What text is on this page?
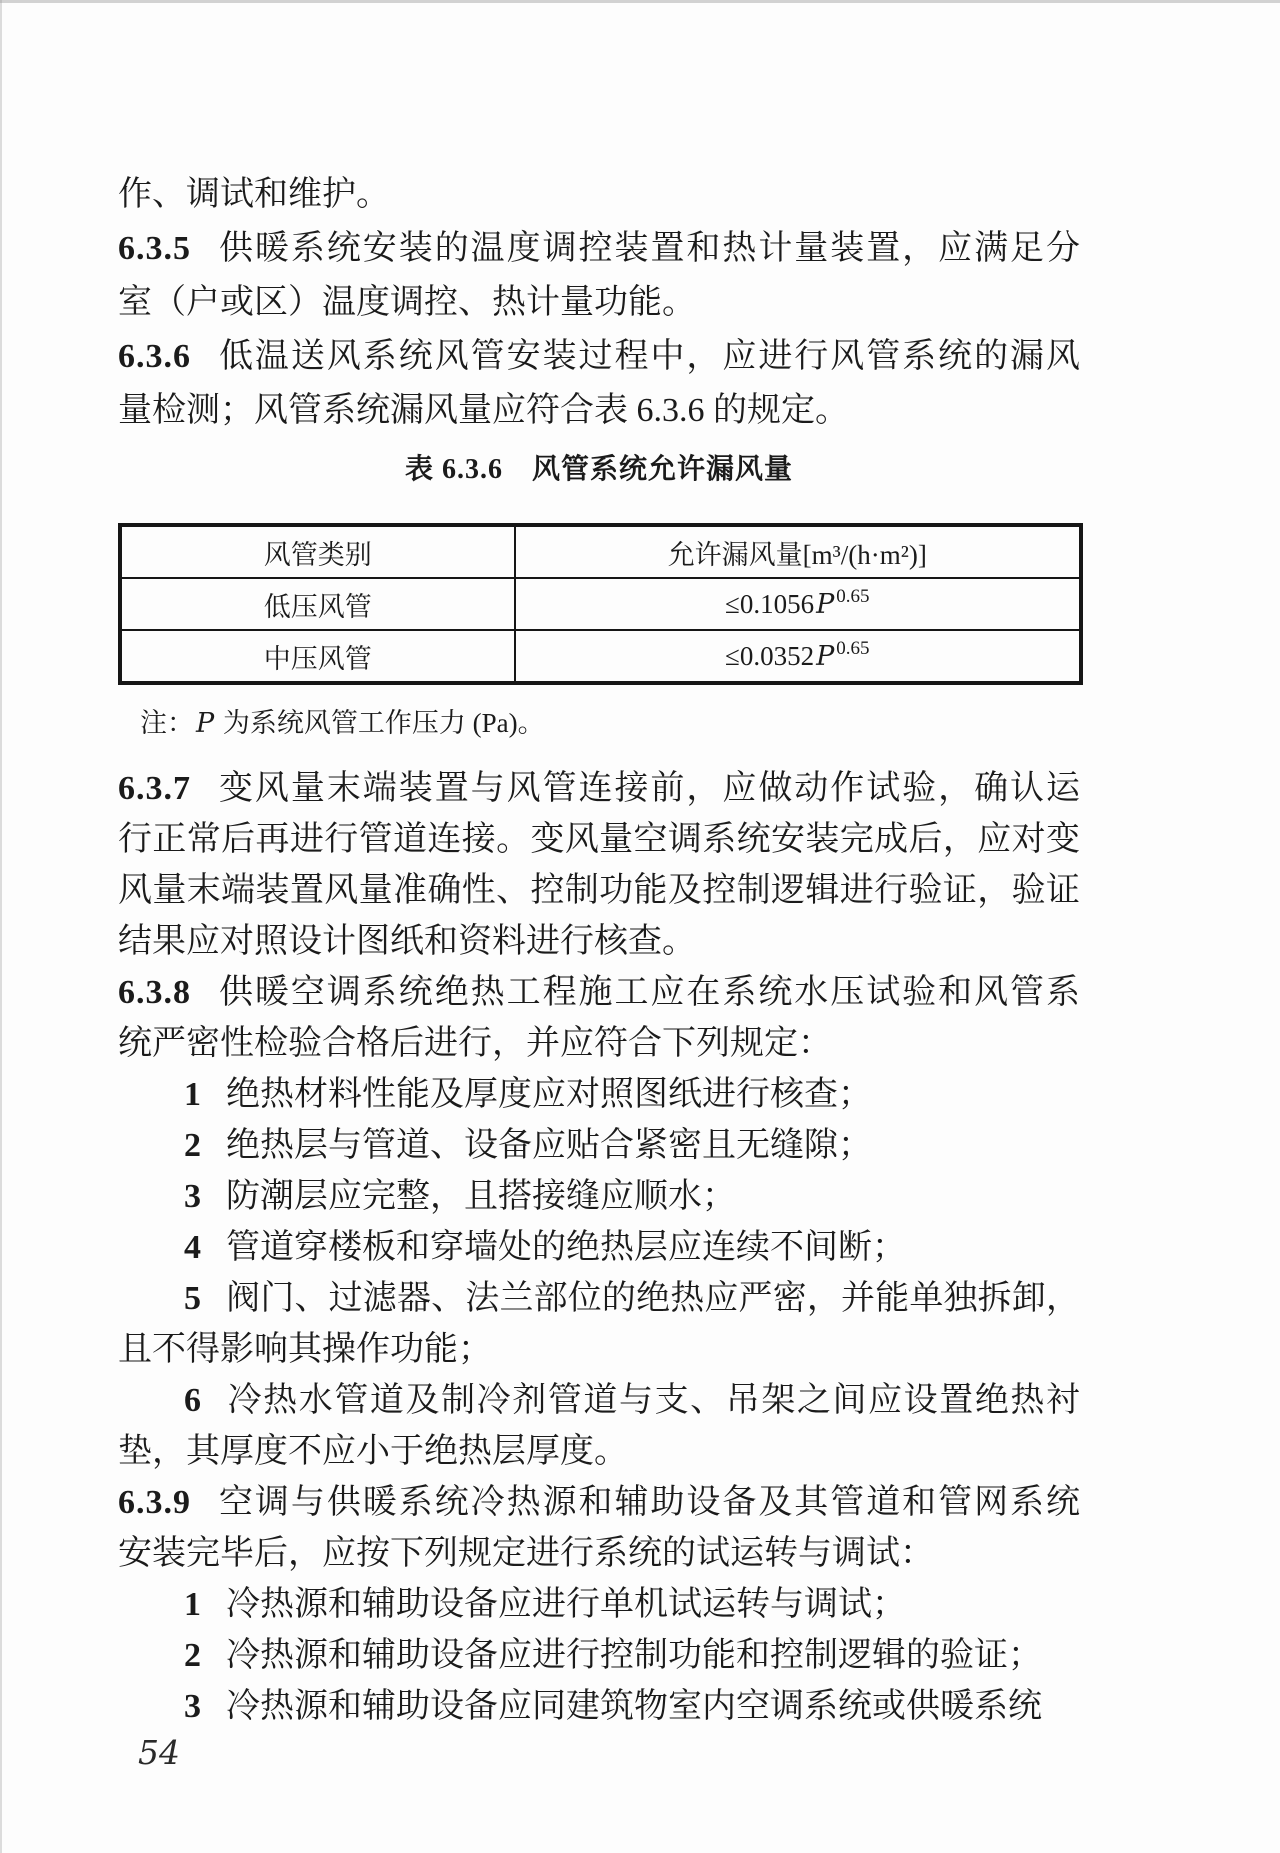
作、调试和维护。
6.3.5 供暖系统安装的温度调控装置和热计量装置，应满足分
室（户或区）温度调控、热计量功能。
6.3.6 低温送风系统风管安装过程中，应进行风管系统的漏风
量检测；风管系统漏风量应符合表 6.3.6 的规定。
表 6.3.6　风管系统允许漏风量
风管类别	允许漏风量[m³/(h·m²)]
低压风管	≤0.1056P $^{0.65}$
中压风管	≤0.0352P $^{0.65}$
注：P 为系统风管工作压力 (Pa)。
6.3.7 变风量末端装置与风管连接前，应做动作试验，确认运
行正常后再进行管道连接。变风量空调系统安装完成后，应对变
风量末端装置风量准确性、控制功能及控制逻辑进行验证，验证
结果应对照设计图纸和资料进行核查。
6.3.8 供暖空调系统绝热工程施工应在系统水压试验和风管系
统严密性检验合格后进行，并应符合下列规定：
1 绝热材料性能及厚度应对照图纸进行核查；
2 绝热层与管道、设备应贴合紧密且无缝隙；
3 防潮层应完整，且搭接缝应顺水；
4 管道穿楼板和穿墙处的绝热层应连续不间断；
5 阀门、过滤器、法兰部位的绝热应严密，并能单独拆卸，
且不得影响其操作功能；
6 冷热水管道及制冷剂管道与支、吊架之间应设置绝热衬
垫，其厚度不应小于绝热层厚度。
6.3.9 空调与供暖系统冷热源和辅助设备及其管道和管网系统
安装完毕后，应按下列规定进行系统的试运转与调试：
1 冷热源和辅助设备应进行单机试运转与调试；
2 冷热源和辅助设备应进行控制功能和控制逻辑的验证；
3 冷热源和辅助设备应同建筑物室内空调系统或供暖系统
54
